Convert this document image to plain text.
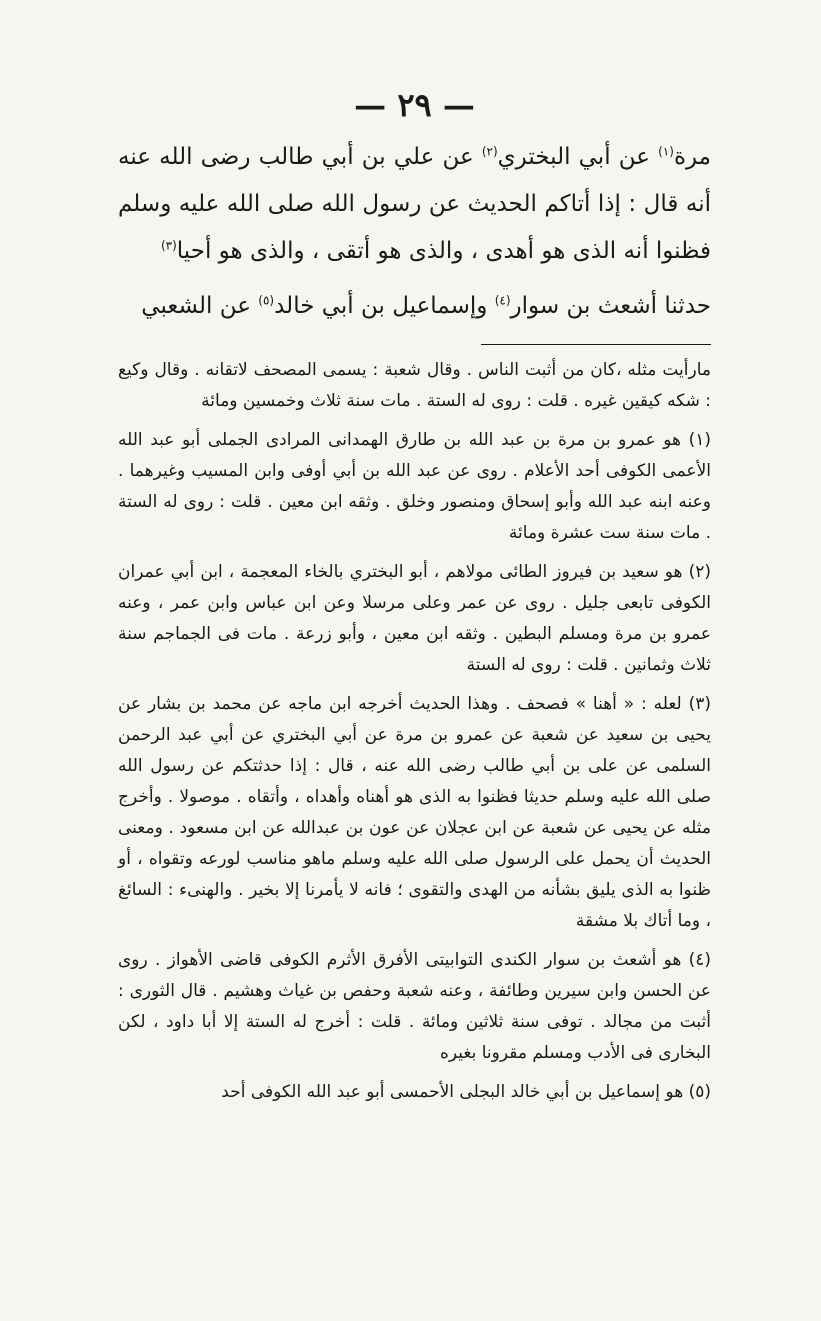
— ٢٩ —

مرة$^{(١)}$ عن أبي البختري$^{(٢)}$ عن علي بن أبي طالب رضى الله عنه أنه قال : إذا أتاكم الحديث عن رسول الله صلى الله عليه وسلم فظنوا أنه الذى هو أهدى ، والذى هو أتقى ، والذى هو أحيا$^{(٣)}$

حدثنا أشعث بن سوار$^{(٤)}$ وإسماعيل بن أبي خالد$^{(٥)}$ عن الشعبي

مارأيت مثله ،كان من أثبت الناس . وقال شعبة : يسمى المصحف لاتقانه . وقال وكيع : شكه كيقين غيره . قلت : روى له الستة . مات سنة ثلاث وخمسين ومائة

(١) هو عمرو بن مرة بن عبد الله بن طارق الهمدانى المرادى الجملى أبو عبد الله الأعمى الكوفى أحد الأعلام . روى عن عبد الله بن أبي أوفى وابن المسيب وغيرهما . وعنه ابنه عبد الله وأبو إسحاق ومنصور وخلق . وثقه ابن معين . قلت : روى له الستة . مات سنة ست عشرة ومائة

(٢) هو سعيد بن فيروز الطائى مولاهم ، أبو البختري بالخاء المعجمة ، ابن أبي عمران الكوفى تابعى جليل . روى عن عمر وعلى مرسلا وعن ابن عباس وابن عمر ، وعنه عمرو بن مرة ومسلم البطين . وثقه ابن معين ، وأبو زرعة . مات فى الجماجم سنة ثلاث وثمانين . قلت : روى له الستة

(٣) لعله : « أهنا » فصحف . وهذا الحديث أخرجه ابن ماجه عن محمد بن بشار عن يحيى بن سعيد عن شعبة عن عمرو بن مرة عن أبي البختري عن أبي عبد الرحمن السلمى عن على بن أبي طالب رضى الله عنه ، قال : إذا حدثتكم عن رسول الله صلى الله عليه وسلم حديثا فظنوا به الذى هو أهناه وأهداه ، وأتقاه . موصولا . وأخرج مثله عن يحيى عن شعبة عن ابن عجلان عن عون بن عبدالله عن ابن مسعود . ومعنى الحديث أن يحمل على الرسول صلى الله عليه وسلم ماهو مناسب لورعه وتقواه ، أو ظنوا به الذى يليق بشأنه من الهدى والتقوى ؛ فانه لا يأمرنا إلا بخير . والهنىء : السائغ ، وما أتاك بلا مشقة

(٤) هو أشعث بن سوار الكندى التوابيتى الأفرق الأثرم الكوفى قاضى الأهواز . روى عن الحسن وابن سيرين وطائفة ، وعنه شعبة وحفص بن غياث وهشيم . قال الثورى : أثبت من مجالد . توفى سنة ثلاثين ومائة . قلت : أخرج له الستة إلا أبا داود ، لكن البخارى فى الأدب ومسلم مقرونا بغيره

(٥) هو إسماعيل بن أبي خالد البجلى الأحمسى أبو عبد الله الكوفى أحد
